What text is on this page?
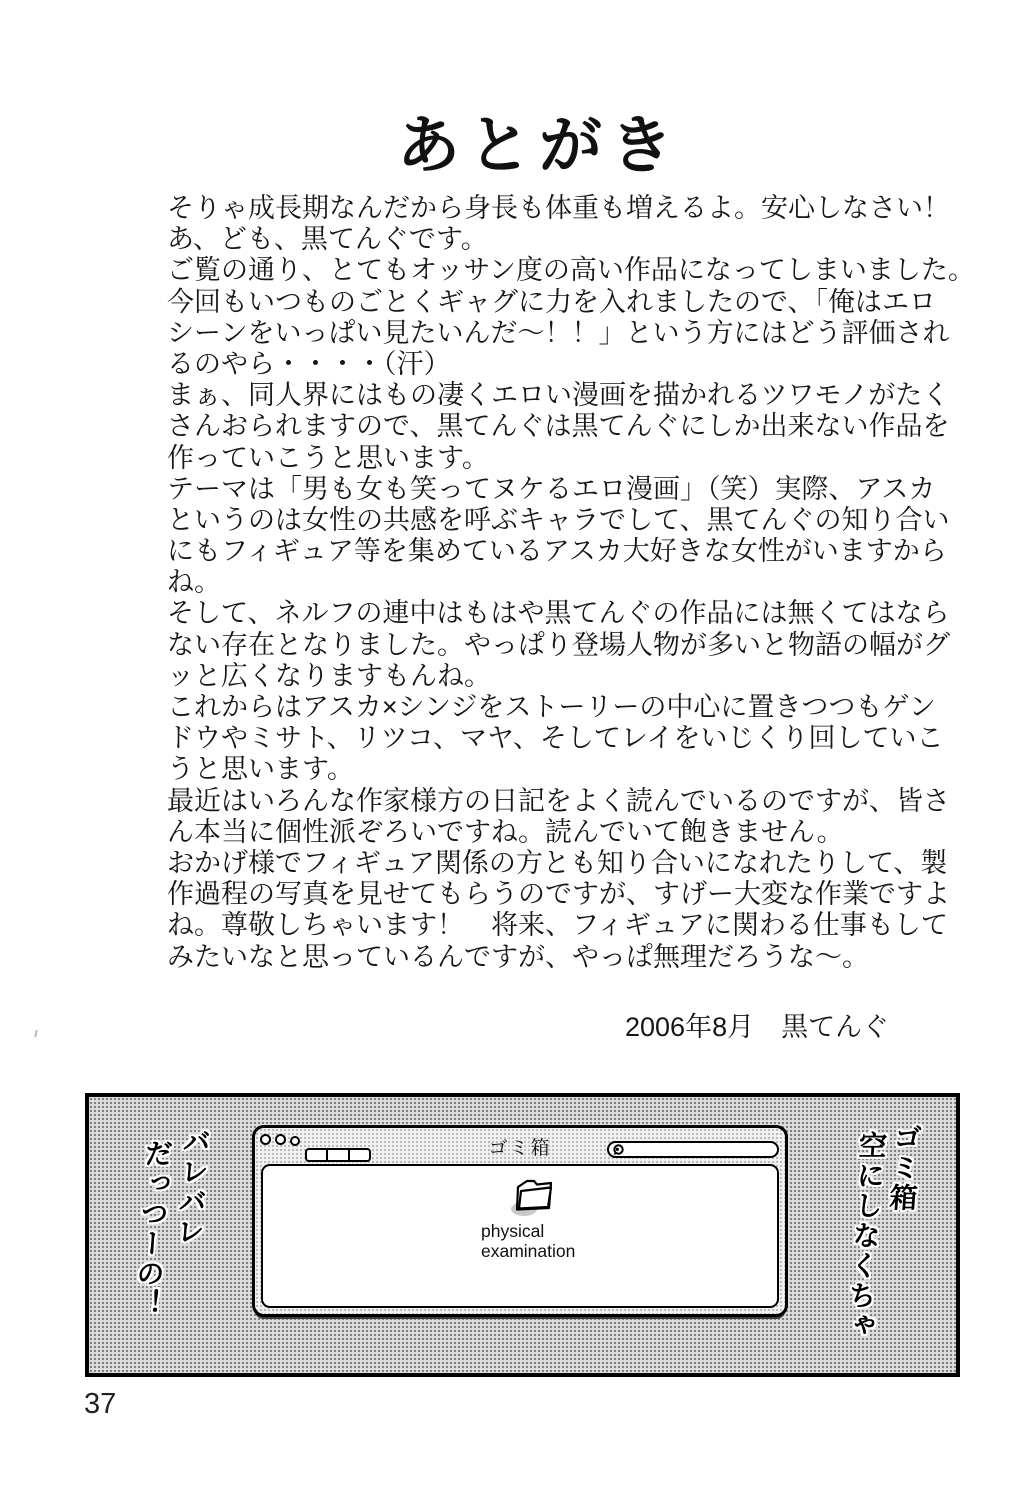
あとがき
そりゃ成長期なんだから身長も体重も増えるよ。安心しなさい！
あ、ども、黒てんぐです。
ご覧の通り、とてもオッサン度の高い作品になってしまいました。
今回もいつものごとくギャグに力を入れましたので、「俺はエロ
シーンをいっぱい見たいんだ～！！」という方にはどう評価され
るのやら・・・・（汗）
まぁ、同人界にはもの凄くエロい漫画を描かれるツワモノがたく
さんおられますので、黒てんぐは黒てんぐにしか出来ない作品を
作っていこうと思います。
テーマは「男も女も笑ってヌケるエロ漫画」（笑）実際、アスカ
というのは女性の共感を呼ぶキャラでして、黒てんぐの知り合い
にもフィギュア等を集めているアスカ大好きな女性がいますから
ね。
そして、ネルフの連中はもはや黒てんぐの作品には無くてはなら
ない存在となりました。やっぱり登場人物が多いと物語の幅がグ
ッと広くなりますもんね。
これからはアスカ×シンジをストーリーの中心に置きつつもゲン
ドウやミサト、リツコ、マヤ、そしてレイをいじくり回していこ
うと思います。
最近はいろんな作家様方の日記をよく読んでいるのですが、皆さ
ん本当に個性派ぞろいですね。読んでいて飽きません。
おかげ様でフィギュア関係の方とも知り合いになれたりして、製
作過程の写真を見せてもらうのですが、すげー大変な作業ですよ
ね。尊敬しちゃいます！　将来、フィギュアに関わる仕事もして
みたいなと思っているんですが、やっぱ無理だろうな～。
2006年8月　黒てんぐ
バレバレ
だっつーの！	ゴミ箱
空にしなくちゃ
ゴミ箱
physical
examination
37
